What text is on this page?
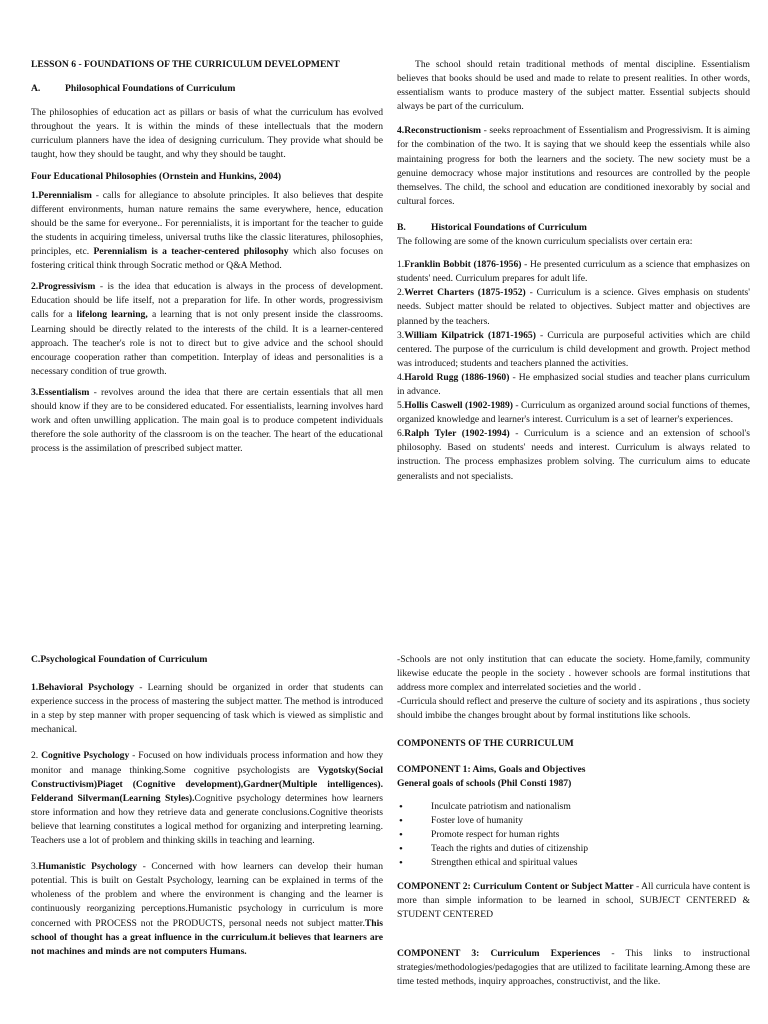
LESSON 6 - FOUNDATIONS OF THE CURRICULUM DEVELOPMENT

A.	Philosophical Foundations of Curriculum

The philosophies of education act as pillars or basis of what the curriculum has evolved throughout the years. It is within the minds of these intellectuals that the modern curriculum planners have the idea of designing curriculum. They provide what should be taught, how they should be taught, and why they should be taught.

Four Educational Philosophies (Ornstein and Hunkins, 2004)

1.Perennialism - calls for allegiance to absolute principles. It also believes that despite different environments, human nature remains the same everywhere, hence, education should be the same for everyone.. For perennialists, it is important for the teacher to guide the students in acquiring timeless, universal truths like the classic literatures, philosophies, principles, etc. Perennialism is a teacher-centered philosophy which also focuses on fostering critical think through Socratic method or Q&A Method.

2.Progressivism - is the idea that education is always in the process of development. Education should be life itself, not a preparation for life. In other words, progressivism calls for a lifelong learning, a learning that is not only present inside the classrooms. Learning should be directly related to the interests of the child. It is a learner-centered approach. The teacher's role is not to direct but to give advice and the school should encourage cooperation rather than competition. Interplay of ideas and personalities is a necessary condition of true growth.

3.Essentialism - revolves around the idea that there are certain essentials that all men should know if they are to be considered educated. For essentialists, learning involves hard work and often unwilling application. The main goal is to produce competent individuals therefore the sole authority of the classroom is on the teacher. The heart of the educational process is the assimilation of prescribed subject matter.

The school should retain traditional methods of mental discipline. Essentialism believes that books should be used and made to relate to present realities. In other words, essentialism wants to produce mastery of the subject matter. Essential subjects should always be part of the curriculum.

4.Reconstructionism - seeks reproachment of Essentialism and Progressivism. It is aiming for the combination of the two. It is saying that we should keep the essentials while also maintaining progress for both the learners and the society. The new society must be a genuine democracy whose major institutions and resources are controlled by the people themselves. The child, the school and education are conditioned inexorably by social and cultural forces.

B.	Historical Foundations of Curriculum

The following are some of the known curriculum specialists over certain era:

1.Franklin Bobbit (1876-1956) - He presented curriculum as a science that emphasizes on students' need. Curriculum prepares for adult life.
2.Werret Charters (1875-1952) - Curriculum is a science. Gives emphasis on students' needs. Subject matter should be related to objectives. Subject matter and objectives are planned by the teachers.
3.William Kilpatrick (1871-1965) - Curricula are purposeful activities which are child centered. The purpose of the curriculum is child development and growth. Project method was introduced; students and teachers planned the activities.
4.Harold Rugg (1886-1960) - He emphasized social studies and teacher plans curriculum in advance.
5.Hollis Caswell (1902-1989) - Curriculum as organized around social functions of themes, organized knowledge and learner's interest. Curriculum is a set of learner's experiences.
6.Ralph Tyler (1902-1994) - Curriculum is a science and an extension of school's philosophy. Based on students' needs and interest. Curriculum is always related to instruction. The process emphasizes problem solving. The curriculum aims to educate generalists and not specialists.

C.Psychological Foundation of Curriculum

1.Behavioral Psychology - Learning should be organized in order that students can experience success in the process of mastering the subject matter. The method is introduced in a step by step manner with proper sequencing of task which is viewed as simplistic and mechanical.

2. Cognitive Psychology - Focused on how individuals process information and how they monitor and manage thinking.Some cognitive psychologists are Vygotsky(Social Constructivism)Piaget (Cognitive development),Gardner(Multiple intelligences). Felderand Silverman(Learning Styles).Cognitive psychology determines how learners store information and how they retrieve data and generate conclusions.Cognitive theorists believe that learning constitutes a logical method for organizing and interpreting learning. Teachers use a lot of problem and thinking skills in teaching and learning.

3.Humanistic Psychology - Concerned with how learners can develop their human potential. This is built on Gestalt Psychology, learning can be explained in terms of the wholeness of the problem and where the environment is changing and the learner is continuously reorganizing perceptions.Humanistic psychology in curriculum is more concerned with PROCESS not the PRODUCTS, personal needs not subject matter.This school of thought has a great influence in the curriculum.it believes that learners are not machines and minds are not computers Humans.

-Schools are not only institution that can educate the society. Home,family, community likewise educate the people in the society . however schools are formal institutions that address more complex and interrelated societies and the world .

-Curricula should reflect and preserve the culture of society and its aspirations , thus society should imbibe the changes brought about by formal institutions like schools.

COMPONENTS OF THE CURRICULUM

COMPONENT 1: Aims, Goals and Objectives

General goals of schools (Phil Consti 1987)

• Inculcate patriotism and nationalism
• Foster love of humanity
• Promote respect for human rights
• Teach the rights and duties of citizenship
• Strengthen ethical and spiritual values

COMPONENT 2: Curriculum Content or Subject Matter - All curricula have content is more than simple information to be learned in school, SUBJECT CENTERED & STUDENT CENTERED

COMPONENT 3: Curriculum Experiences - This links to instructional strategies/methodologies/pedagogies that are utilized to facilitate learning.Among these are time tested methods, inquiry approaches, constructivist, and the like.
